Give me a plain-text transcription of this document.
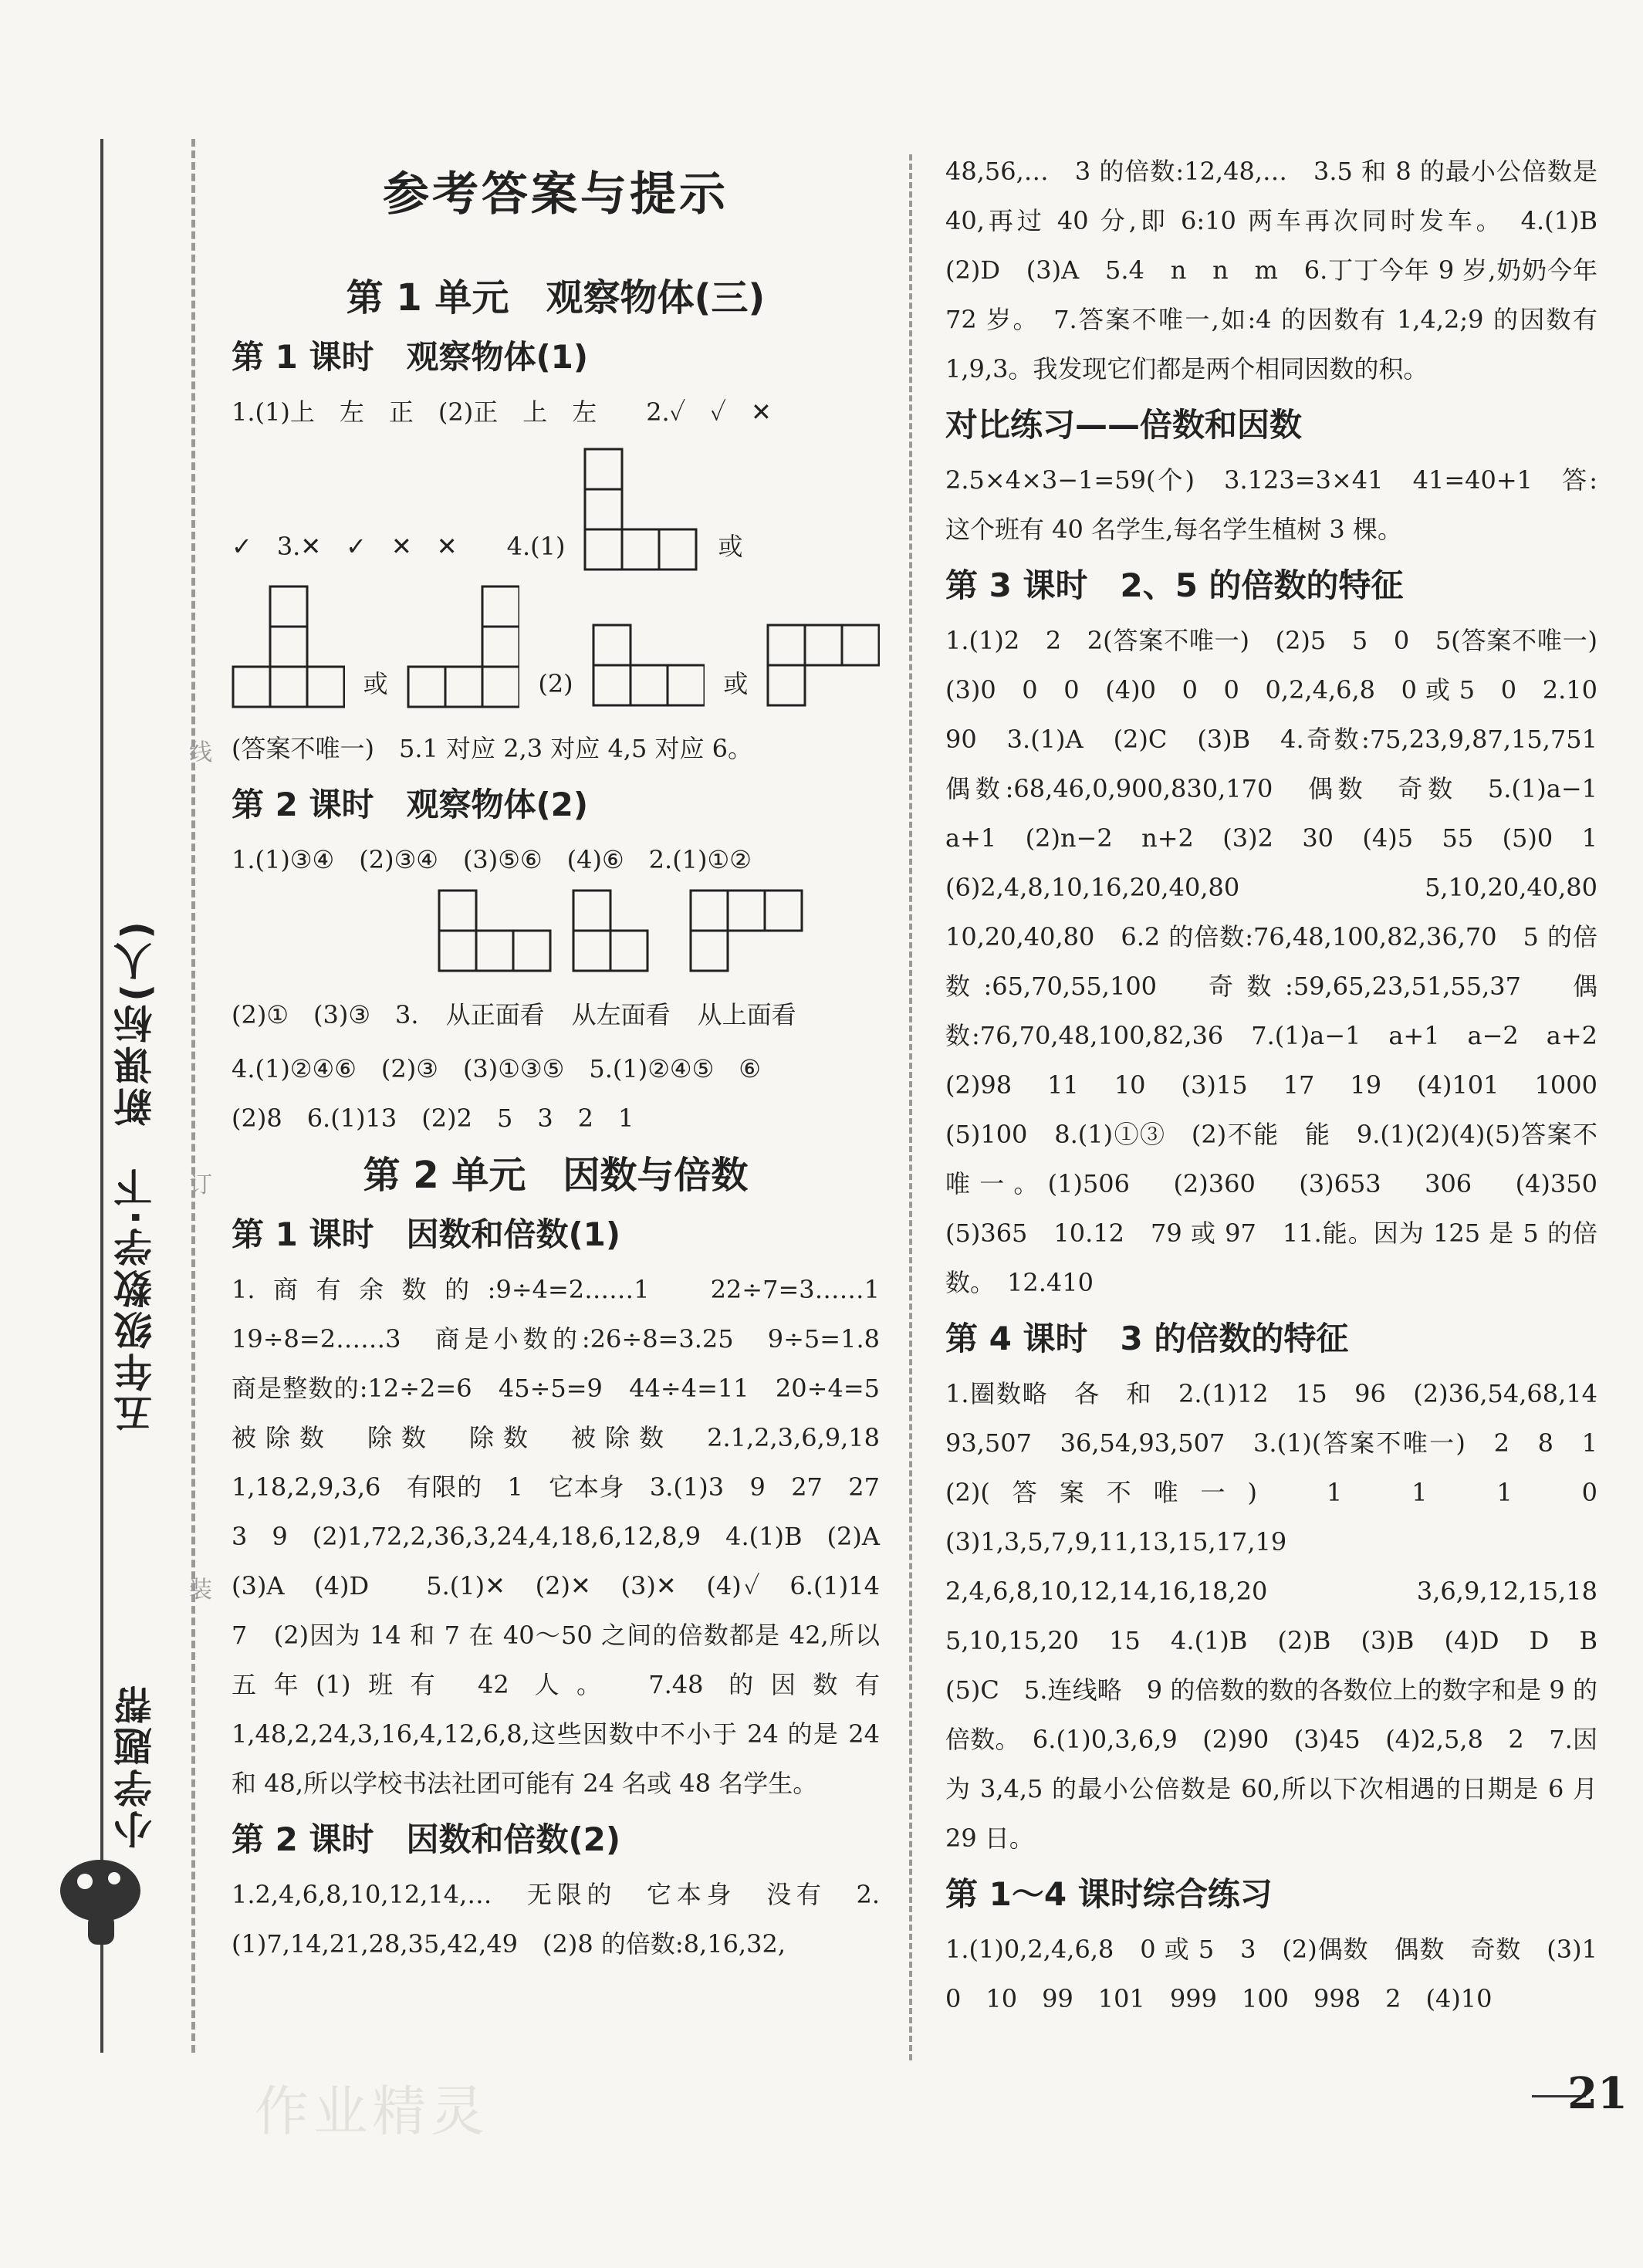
小学题帮
五年级数学·下
新课标(人)
线
订
装
参考答案与提示
第 1 单元　观察物体(三)
第 1 课时　观察物体(1)

1.(1)上　左　正　(2)正　上　左　　2.✓　✓　✕

✓　3.✕　✓　✕　✕　　4.(1)	或
或	(2)	或

(答案不唯一)　5.1 对应 2,3 对应 4,5 对应 6。

第 2 课时　观察物体(2)

1.(1)③④　(2)③④　(3)⑤⑥　(4)⑥　2.(1)①②

(2)①　(3)③　3.	从正面看	从左面看	从上面看

4.(1)②④⑥　(2)③　(3)①③⑤　5.(1)②④⑤　⑥

(2)8　6.(1)13　(2)2　5　3　2　1

第 2 单元　因数与倍数
第 1 课时　因数和倍数(1)

1.商有余数的:9÷4=2……1　22÷7=3……1　19÷8=2……3　商是小数的:26÷8=3.25　9÷5=1.8　商是整数的:12÷2=6　45÷5=9　44÷4=11　20÷4=5　被除数　除数　除数　被除数　2.1,2,3,6,9,18　1,18,2,9,3,6　有限的　1　它本身　3.(1)3　9　27　27　3　9　(2)1,72,2,36,3,24,4,18,6,12,8,9　4.(1)B　(2)A　(3)A　(4)D　　5.(1)✕　(2)✕　(3)✕　(4)✓　6.(1)14　7　(2)因为 14 和 7 在 40～50 之间的倍数都是 42,所以五年(1)班有 42 人。　7.48 的因数有 1,48,2,24,3,16,4,12,6,8,这些因数中不小于 24 的是 24 和 48,所以学校书法社团可能有 24 名或 48 名学生。

第 2 课时　因数和倍数(2)

1.2,4,6,8,10,12,14,…　无限的　它本身　没有　2.(1)7,14,21,28,35,42,49　(2)8 的倍数:8,16,32,

48,56,…　3 的倍数:12,48,…　3.5 和 8 的最小公倍数是 40,再过 40 分,即 6:10 两车再次同时发车。　4.(1)B　(2)D　(3)A　5.4　n　n　m　6.丁丁今年 9 岁,奶奶今年 72 岁。　7.答案不唯一,如:4 的因数有 1,4,2;9 的因数有 1,9,3。我发现它们都是两个相同因数的积。

对比练习——倍数和因数

2.5×4×3−1=59(个)　3.123=3×41　41=40+1　答:这个班有 40 名学生,每名学生植树 3 棵。

第 3 课时　2、5 的倍数的特征

1.(1)2　2　2(答案不唯一)　(2)5　5　0　5(答案不唯一)　(3)0　0　0　(4)0　0　0　0,2,4,6,8　0 或 5　0　2.10　90　3.(1)A　(2)C　(3)B　4.奇数:75,23,9,87,15,751　偶数:68,46,0,900,830,170　偶数　奇数　5.(1)a−1　a+1　(2)n−2　n+2　(3)2　30　(4)5　55　(5)0　1　(6)2,4,8,10,16,20,40,80　5,10,20,40,80　10,20,40,80　6.2 的倍数:76,48,100,82,36,70　5 的倍数:65,70,55,100　奇数:59,65,23,51,55,37　偶数:76,70,48,100,82,36　7.(1)a−1　a+1　a−2　a+2　(2)98　11　10　(3)15　17　19　(4)101　1000　(5)100　8.(1)①③　(2)不能　能　9.(1)(2)(4)(5)答案不唯一。(1)506　(2)360　(3)653　306　(4)350　(5)365　10.12　79 或 97　11.能。因为 125 是 5 的倍数。　12.410

第 4 课时　3 的倍数的特征

1.圈数略　各　和　2.(1)12　15　96　(2)36,54,68,14　93,507　36,54,93,507　3.(1)(答案不唯一)　2　8　1　(2)(答案不唯一)　1　1　1　0　(3)1,3,5,7,9,11,13,15,17,19　2,4,6,8,10,12,14,16,18,20　3,6,9,12,15,18　5,10,15,20　15　4.(1)B　(2)B　(3)B　(4)D　D　B　(5)C　5.连线略　9 的倍数的数的各数位上的数字和是 9 的倍数。　6.(1)0,3,6,9　(2)90　(3)45　(4)2,5,8　2　7.因为 3,4,5 的最小公倍数是 60,所以下次相遇的日期是 6 月 29 日。

第 1～4 课时综合练习

1.(1)0,2,4,6,8　0 或 5　3　(2)偶数　偶数　奇数　(3)1　0　10　99　101　999　100　998　2　(4)10

作业精灵	21
